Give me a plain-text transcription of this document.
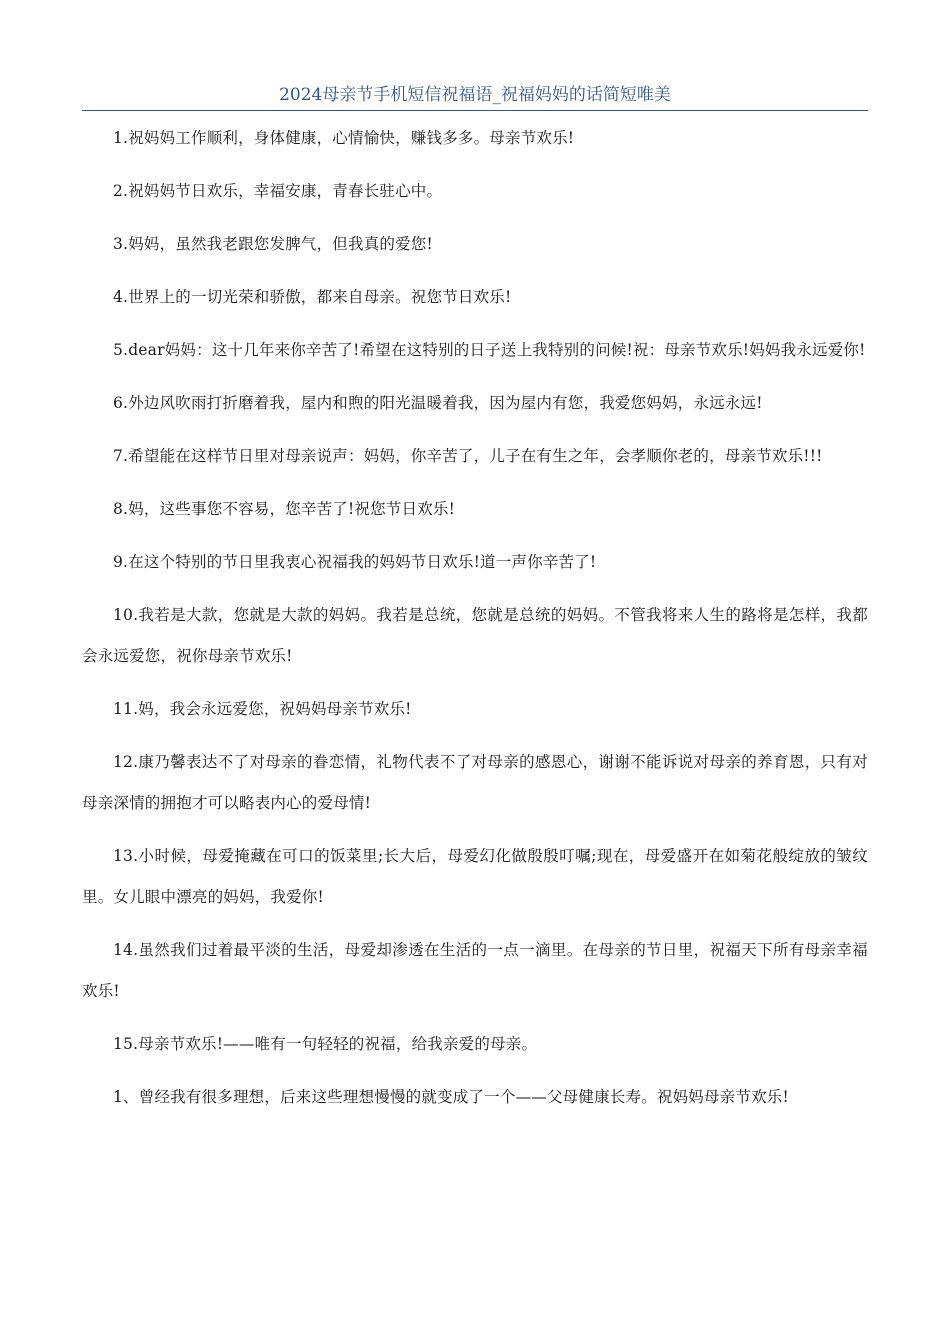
2024母亲节手机短信祝福语_祝福妈妈的话简短唯美

1.祝妈妈工作顺利，身体健康，心情愉快，赚钱多多。母亲节欢乐!

2.祝妈妈节日欢乐，幸福安康，青春长驻心中。

3.妈妈，虽然我老跟您发脾气，但我真的爱您!

4.世界上的一切光荣和骄傲，都来自母亲。祝您节日欢乐!

5.dear妈妈：这十几年来你辛苦了!希望在这特别的日子送上我特别的问候!祝：母亲节欢乐!妈妈我永远爱你!

6.外边风吹雨打折磨着我，屋内和煦的阳光温暖着我，因为屋内有您，我爱您妈妈，永远永远!

7.希望能在这样节日里对母亲说声：妈妈，你辛苦了，儿子在有生之年，会孝顺你老的，母亲节欢乐!!!

8.妈，这些事您不容易，您辛苦了!祝您节日欢乐!

9.在这个特别的节日里我衷心祝福我的妈妈节日欢乐!道一声你辛苦了!

10.我若是大款，您就是大款的妈妈。我若是总统，您就是总统的妈妈。不管我将来人生的路将是怎样，我都会永远爱您，祝你母亲节欢乐!

11.妈，我会永远爱您，祝妈妈母亲节欢乐!

12.康乃馨表达不了对母亲的眷恋情，礼物代表不了对母亲的感恩心，谢谢不能诉说对母亲的养育恩，只有对母亲深情的拥抱才可以略表内心的爱母情!

13.小时候，母爱掩藏在可口的饭菜里;长大后，母爱幻化做殷殷叮嘱;现在，母爱盛开在如菊花般绽放的皱纹里。女儿眼中漂亮的妈妈，我爱你!

14.虽然我们过着最平淡的生活，母爱却渗透在生活的一点一滴里。在母亲的节日里，祝福天下所有母亲幸福欢乐!

15.母亲节欢乐!——唯有一句轻轻的祝福，给我亲爱的母亲。

1、曾经我有很多理想，后来这些理想慢慢的就变成了一个——父母健康长寿。祝妈妈母亲节欢乐!
